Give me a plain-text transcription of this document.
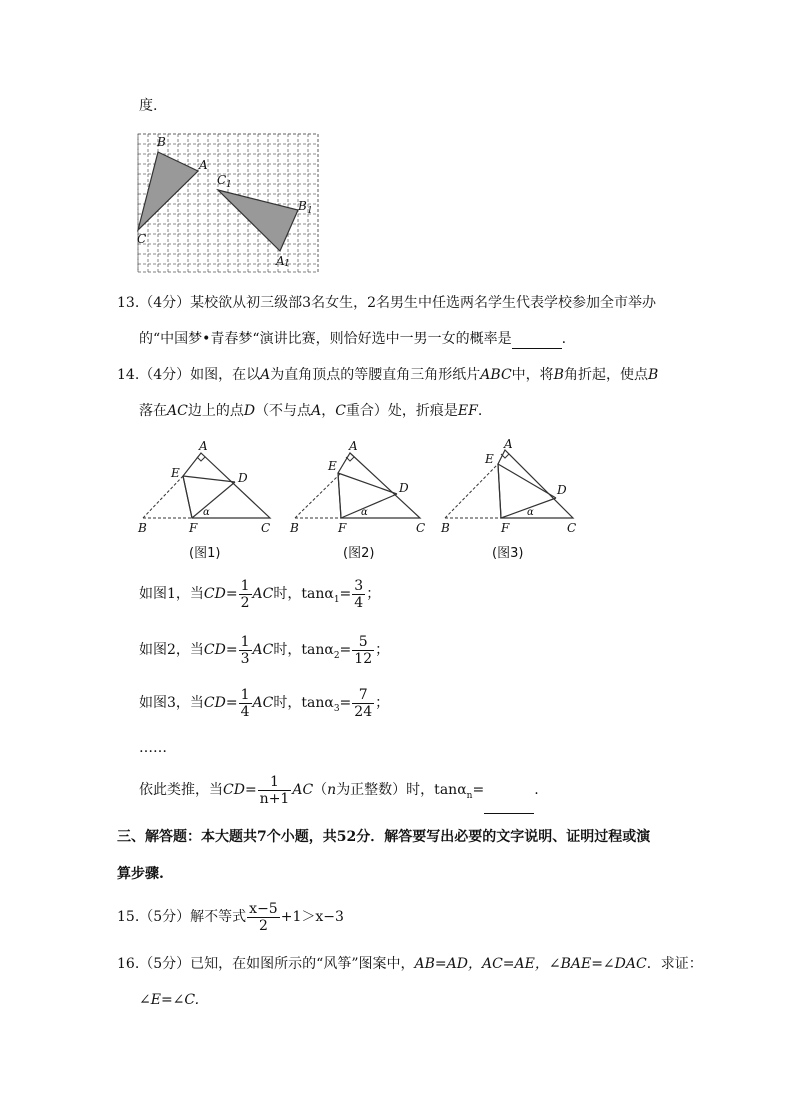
度.
B
A
C
C 1
B 1
A 1
13.（4分）某校欲从初三级部3名女生，2名男生中任选两名学生代表学校参加全市举办
的“中国梦•青春梦“演讲比赛，则恰好选中一男一女的概率是	.
14.（4分）如图，在以A为直角顶点的等腰直角三角形纸片ABC中，将B角折起，使点B
落在AC边上的点D（不与点A，C重合）处，折痕是EF.
A
E	D
B	F	C
α
A
E
D
B	F	C
α
A
E
D
B	F	C
α
(图1)	(图2)	(图3)
如图1，当$CD= \frac{1}{2}$ AC时，$\tan\alpha_1= \frac{3}{4}$ ；
如图2，当$CD= \frac{1}{3}$ AC时，$\tan\alpha_2= \frac{5}{12}$ ；
如图3，当$CD= \frac{1}{4}$ AC时，$\tan\alpha_3= \frac{7}{24}$ ；
……
依此类推，当$CD= \frac{1}{n+1} AC(n$为正整数）时，tanα$_n$=	.
三、解答题：本大题共7个小题，共52分．解答要写出必要的文字说明、证明过程或演
算步骤.
15.（5分）解不等式 $\frac{x-5}{2} +1>x-3$
16.（5分）已知，在如图所示的“风筝”图案中，AB=AD，AC=AE，∠BAE=∠DAC．求证：
∠E=∠C.
